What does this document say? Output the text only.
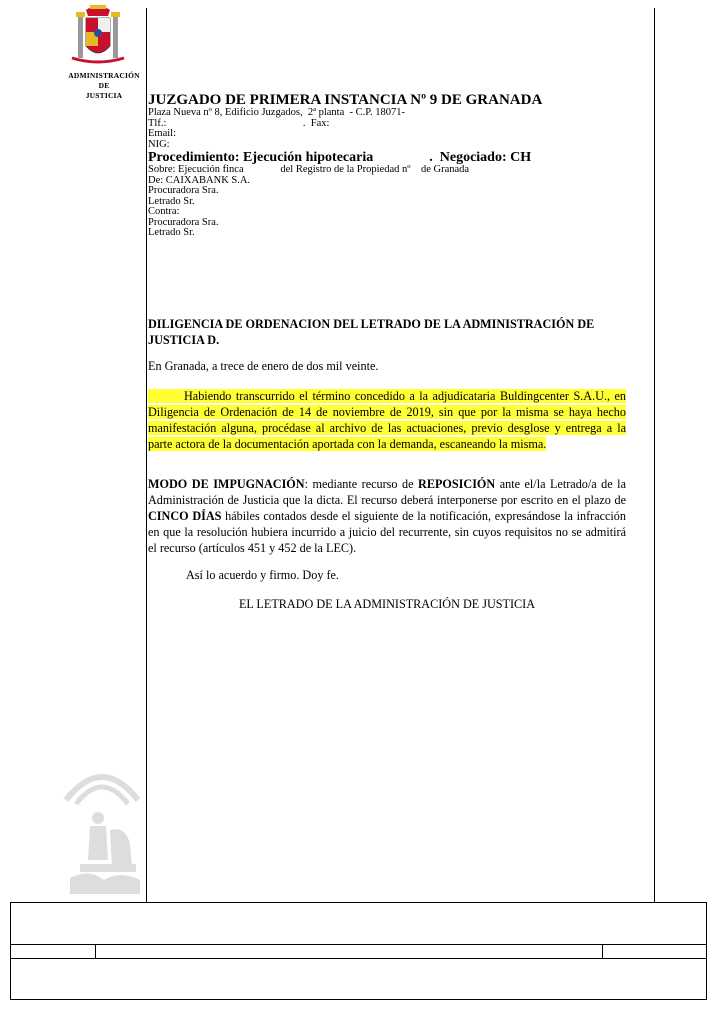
ADMINISTRACIÓN
DE
JUSTICIA	JUZGADO DE PRIMERA INSTANCIA Nº 9 DE GRANADA
Plaza Nueva nº 8, Edificio Juzgados,  2ª planta  - C.P. 18071-
Tlf.:                                                    .  Fax:
Email:
NIG:
Procedimiento: Ejecución hipotecaria                .  Negociado: CH
Sobre: Ejecución finca              del Registro de la Propiedad nº    de Granada
De: CAIXABANK S.A.
Procuradora Sra.
Letrado Sr.
Contra:
Procuradora Sra.
Letrado Sr.
DILIGENCIA DE ORDENACION DEL LETRADO DE LA ADMINISTRACIÓN DE JUSTICIA D.
En Granada, a trece de enero de dos mil veinte.
Habiendo transcurrido el término concedido a la adjudicataria Buldingcenter S.A.U., en Diligencia de Ordenación de 14 de noviembre de 2019, sin que por la misma se haya hecho manifestación alguna, procédase al archivo de las actuaciones, previo desglose y entrega a la parte actora de la documentación aportada con la demanda, escaneando la misma.
MODO DE IMPUGNACIÓN: mediante recurso de REPOSICIÓN ante el/la Letrado/a de la Administración de Justicia que la dicta. El recurso deberá interponerse por escrito en el plazo de CINCO DÍAS hábiles contados desde el siguiente de la notificación, expresándose la infracción en que la resolución hubiera incurrido a juicio del recurrente, sin cuyos requisitos no se admitirá el recurso (artículos 451 y 452 de la LEC).
Así lo acuerdo y firmo. Doy fe.
EL LETRADO DE LA ADMINISTRACIÓN DE JUSTICIA
